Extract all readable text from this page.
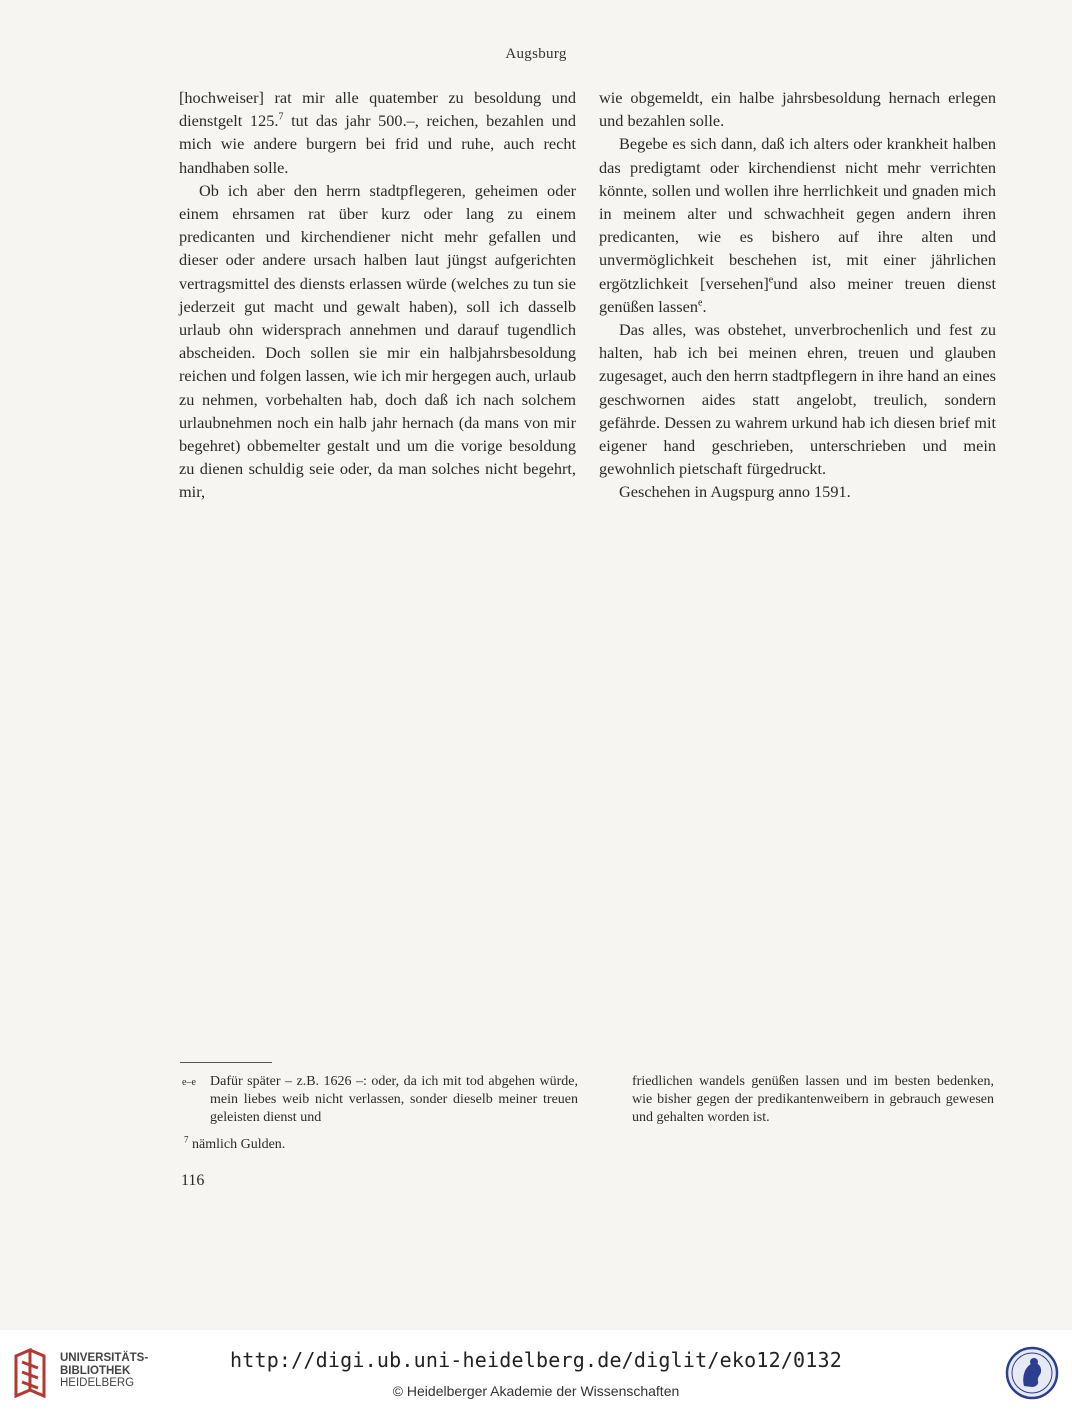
Augsburg

[hochweiser] rat mir alle quatember zu besoldung und dienstgelt 125.$^7$ tut das jahr 500.–, reichen, bezahlen und mich wie andere burgern bei frid und ruhe, auch recht handhaben solle.

Ob ich aber den herrn stadtpflegeren, geheimen oder einem ehrsamen rat über kurz oder lang zu einem predicanten und kirchendiener nicht mehr gefallen und dieser oder andere ursach halben laut jüngst aufgerichten vertragsmittel des diensts erlassen würde (welches zu tun sie jederzeit gut macht und gewalt haben), soll ich dasselb urlaub ohn widersprach annehmen und darauf tugendlich abscheiden. Doch sollen sie mir ein halbjahrsbesoldung reichen und folgen lassen, wie ich mir hergegen auch, urlaub zu nehmen, vorbehalten hab, doch daß ich nach solchem urlaubnehmen noch ein halb jahr hernach (da mans von mir begehret) obbemelter gestalt und um die vorige besoldung zu dienen schuldig seie oder, da man solches nicht begehrt, mir,

wie obgemeldt, ein halbe jahrsbesoldung hernach erlegen und bezahlen solle.

Begebe es sich dann, daß ich alters oder krankheit halben das predigtamt oder kirchendienst nicht mehr verrichten könnte, sollen und wollen ihre herrlichkeit und gnaden mich in meinem alter und schwachheit gegen andern ihren predicanten, wie es bishero auf ihre alten und unvermöglichkeit beschehen ist, mit einer jährlichen ergötzlichkeit [versehen]$^e$und also meiner treuen dienst genüßen lassen$^e$.

Das alles, was obstehet, unverbrochenlich und fest zu halten, hab ich bei meinen ehren, treuen und glauben zugesaget, auch den herrn stadtpflegern in ihre hand an eines geschwornen aides statt angelobt, treulich, sondern gefährde. Dessen zu wahrem urkund hab ich diesen brief mit eigener hand geschrieben, unterschrieben und mein gewohnlich pietschaft fürgedruckt.

Geschehen in Augspurg anno 1591.

e–e	Dafür später – z.B. 1626 –: oder, da ich mit tod abgehen würde, mein liebes weib nicht verlassen, sonder dieselb meiner treuen geleisten dienst und
friedlichen wandels genüßen lassen und im besten bedenken, wie bisher gegen der predikantenweibern in gebrauch gewesen und gehalten worden ist.
$^7$ nämlich Gulden.
116
UNIVERSITÄTS-
BIBLIOTHEK
HEIDELBERG
http://digi.ub.uni-heidelberg.de/diglit/eko12/0132
© Heidelberger Akademie der Wissenschaften
